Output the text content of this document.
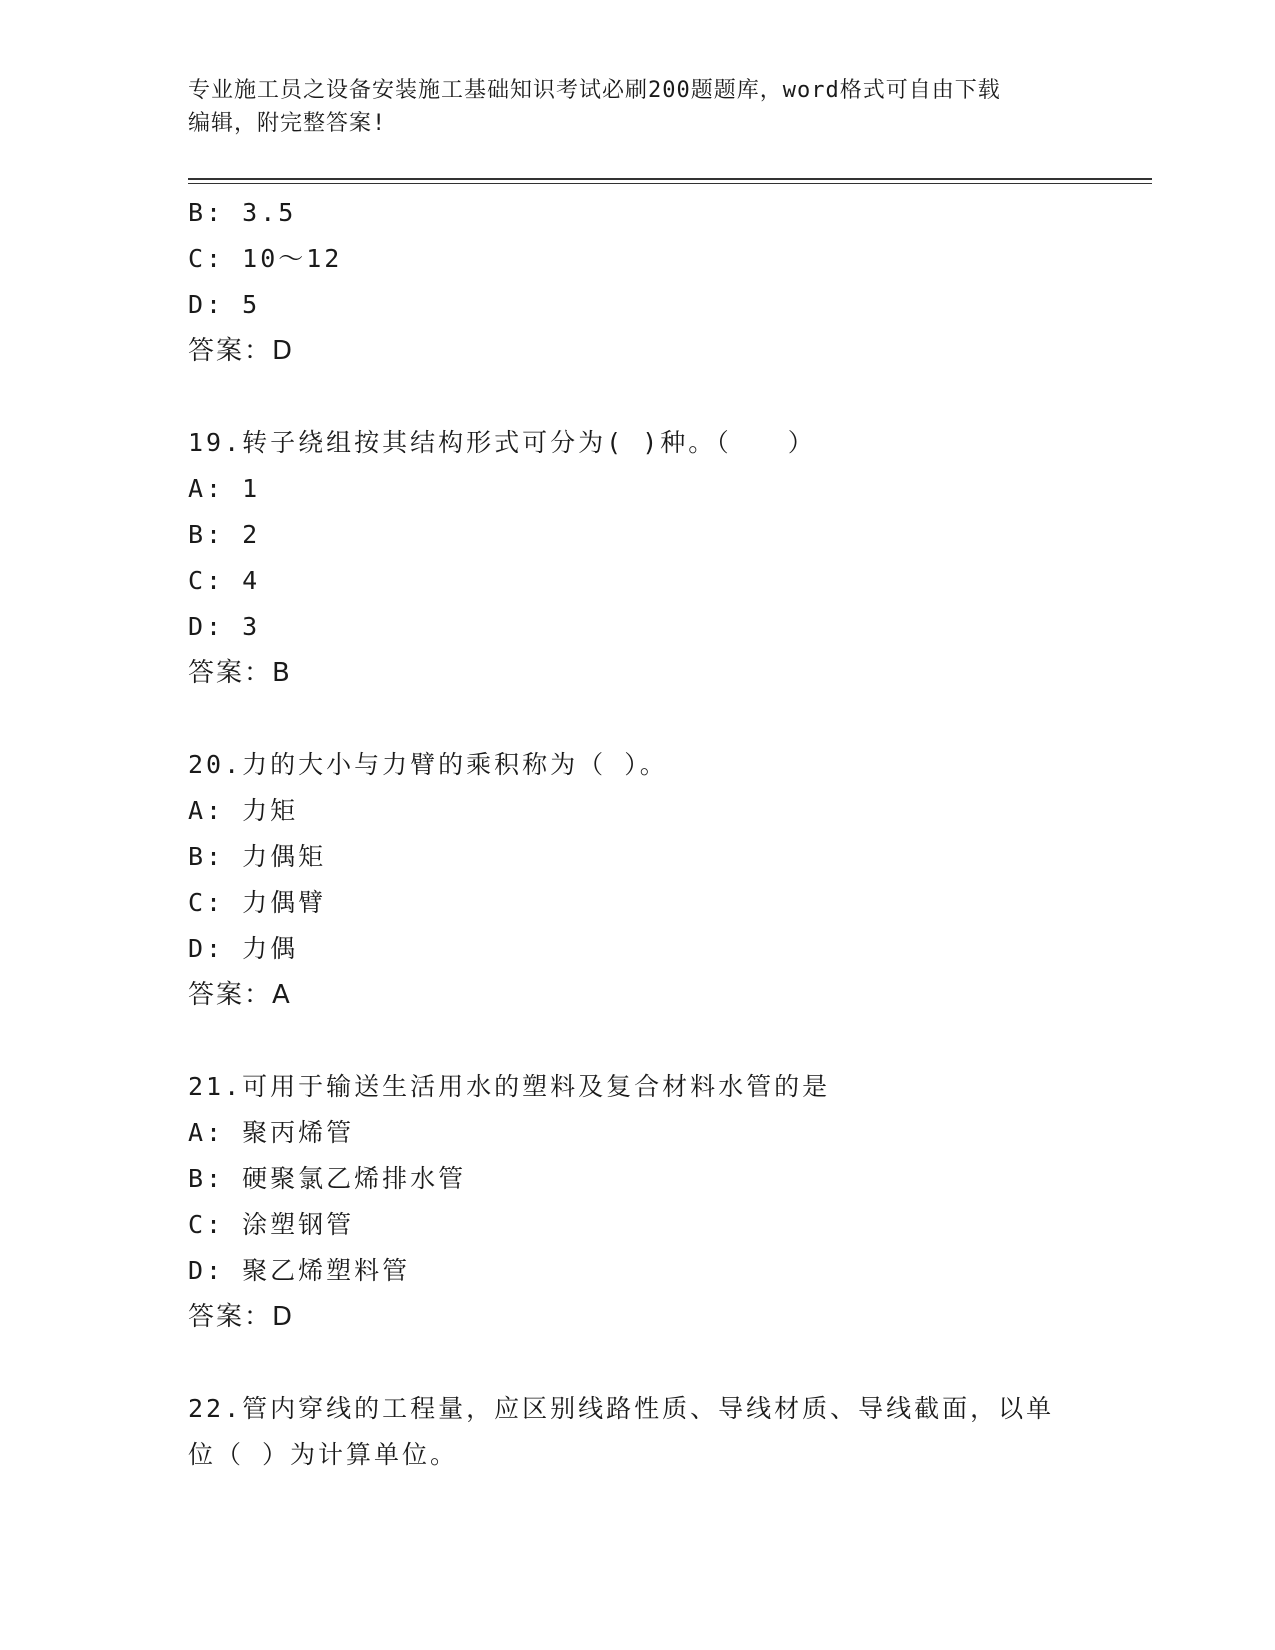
专业施工员之设备安装施工基础知识考试必刷200题题库，word格式可自由下载
编辑，附完整答案!
B: 3.5
C: 10～12
D: 5
答案：D
19.转子绕组按其结构形式可分为( )种。（　　）
A: 1
B: 2
C: 4
D: 3
答案：B
20.力的大小与力臂的乘积称为（ ）。
A: 力矩
B: 力偶矩
C: 力偶臂
D: 力偶
答案：A
21.可用于输送生活用水的塑料及复合材料水管的是
A: 聚丙烯管
B: 硬聚氯乙烯排水管
C: 涂塑钢管
D: 聚乙烯塑料管
答案：D
22.管内穿线的工程量，应区别线路性质、导线材质、导线截面，以单
位（ ）为计算单位。
